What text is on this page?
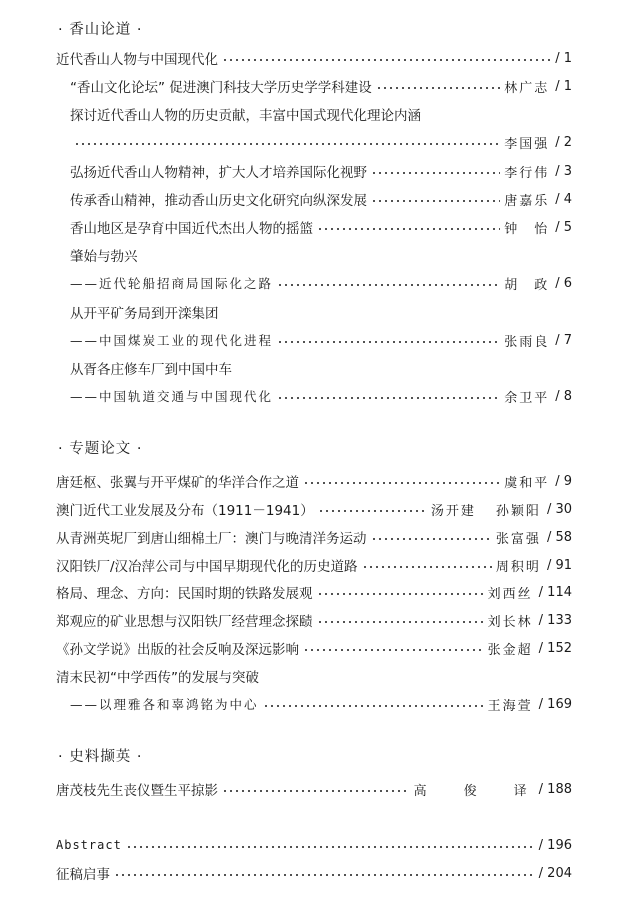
· 香山论道 ·
近代香山人物与中国现代化	/ 1
“香山文化论坛” 促进澳门科技大学历史学学科建设	林广志 / 1
探讨近代香山人物的历史贡献，丰富中国式现代化理论内涵
李国强 / 2
弘扬近代香山人物精神，扩大人才培养国际化视野	李行伟 / 3
传承香山精神，推动香山历史文化研究向纵深发展	唐嘉乐 / 4
香山地区是孕育中国近代杰出人物的摇篮	钟　怡 / 5
肇始与勃兴
——近代轮船招商局国际化之路	胡　政 / 6
从开平矿务局到开滦集团
——中国煤炭工业的现代化进程	张雨良 / 7
从胥各庄修车厂到中国中车
——中国轨道交通与中国现代化	余卫平 / 8
· 专题论文 ·
唐廷枢、张翼与开平煤矿的华洋合作之道	虞和平 / 9
澳门近代工业发展及分布（1911－1941）	汤开建 孙颖阳 / 30
从青洲英坭厂到唐山细棉土厂：澳门与晚清洋务运动	张富强 / 58
汉阳铁厂/汉冶萍公司与中国早期现代化的历史道路	周积明 / 91
格局、理念、方向：民国时期的铁路发展观	刘西丝 / 114
郑观应的矿业思想与汉阳铁厂经营理念探赜	刘长林 / 133
《孙文学说》出版的社会反响及深远影响	张金超 / 152
清末民初“中学西传”的发展与突破
——以理雅各和辜鸿铭为中心	王海萱 / 169
· 史料撷英 ·
唐茂枝先生丧仪暨生平掠影	高　俊　译 / 188
Abstract	/ 196
征稿启事	/ 204
